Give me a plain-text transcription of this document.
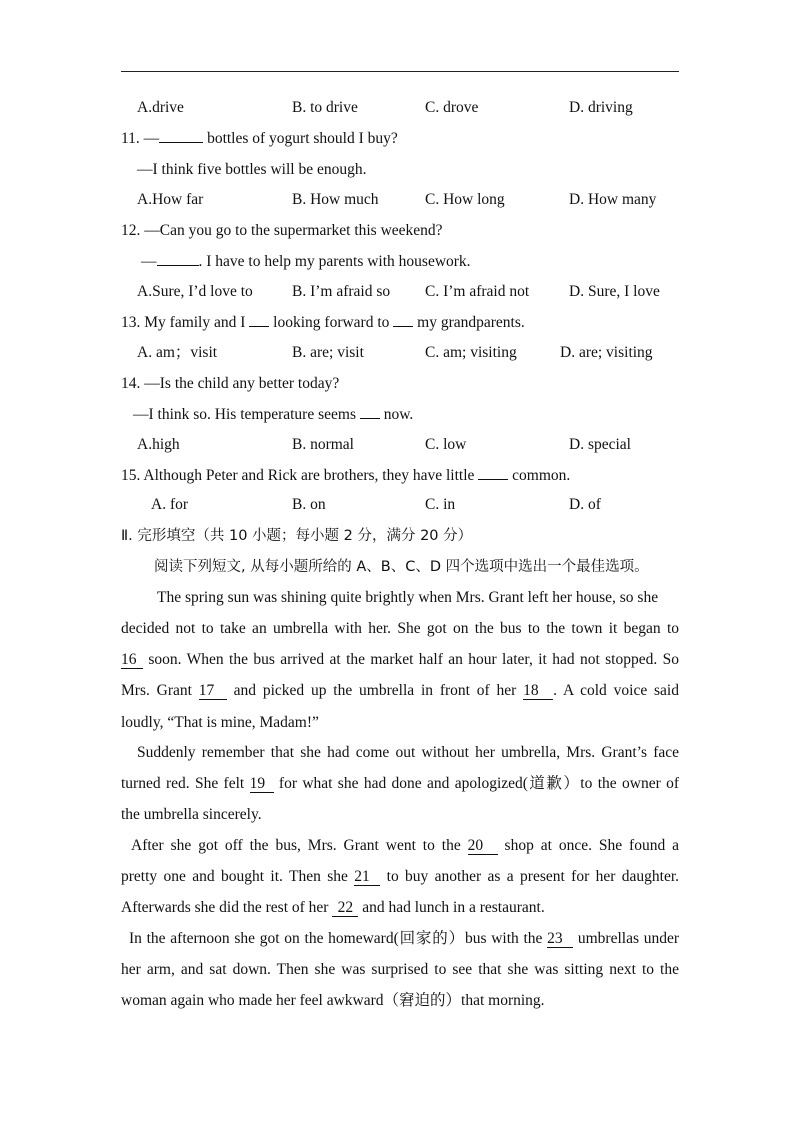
A.drive	B. to drive	C. drove	D. driving
11. —	bottles of yogurt should I buy?
—I think five bottles will be enough.
A.How far	B. How much	C. How long	D. How many
12. —Can you go to the supermarket this weekend?
—	. I have to help my parents with housework.
A.Sure, I’d love to	B. I’m afraid so C. I’m afraid not	D. Sure, I love
13. My family and I  looking forward to  my grandparents.
A. am；visit	B. are; visit	C. am; visiting	D. are; visiting
14. —Is the child any better today?
—I think so. His temperature seems  now.
A.high	B. normal	C. low	D. special
15. Although Peter and Rick are brothers, they have little  common.
A. for	B. on	C. in	D. of
Ⅱ. 完形填空（共 10 小题；每小题 2 分，满分 20 分）
阅读下列短文, 从每小题所给的 A、B、C、D 四个选项中选出一个最佳选项。
The spring sun was shining quite brightly when Mrs. Grant left her house, so she
decided not to take an umbrella with her. She got on the bus to the town it began to
16 soon. When the bus arrived at the market half an hour later, it had not stopped. So
Mrs. Grant 17 and picked up the umbrella in front of her 18 . A cold voice said
loudly, “That is mine, Madam!”
Suddenly remember that she had come out without her umbrella, Mrs. Grant’s face
turned red. She felt 19 for what she had done and apologized(道歉）to the owner of
the umbrella sincerely.
After she got off the bus, Mrs. Grant went to the 20 shop at once. She found a
pretty one and bought it. Then she 21 to buy another as a present for her daughter.
Afterwards she did the rest of her 22 and had lunch in a restaurant.
In the afternoon she got on the homeward(回家的）bus with the 23 umbrellas under
her arm, and sat down. Then she was surprised to see that she was sitting next to the
woman again who made her feel awkward（窘迫的）that morning.
